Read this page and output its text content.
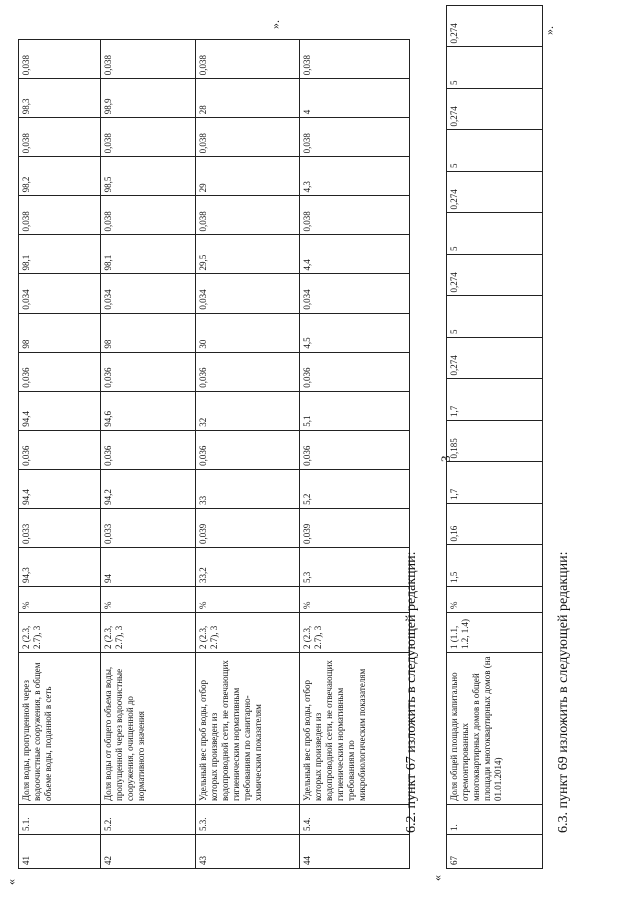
«
3
41	5.1.	Доля воды, пропущенной через водоочистные сооружения, в общем объеме воды, поданной в сеть	2 (2.3, 2.7), 3	%	94,3	0,033	94,4	0,036	94,4	0,036	98	0,034	98,1	0,038	98,2	0,038	98,3	0,038
42	5.2.	Доля воды от общего объема воды, пропущенной через водоочистные сооружения, очищенной до нормативного значения	2 (2.3, 2.7), 3	%	94	0,033	94,2	0,036	94,6	0,036	98	0,034	98,1	0,038	98,5	0,038	98,9	0,038
43	5.3.	Удельный вес проб воды, отбор которых произведен из водопроводной сети, не отвечающих гигиеническим нормативным требованиям по санитарно-химическим показателям	2 (2.3, 2.7), 3	%	33,2	0,039	33	0,036	32	0,036	30	0,034	29,5	0,038	29	0,038	28	0,038
44	5.4.	Удельный вес проб воды, отбор которых произведен из водопроводной сети, не отвечающих гигиеническим нормативным требованиям по микробиологическим показателям	2 (2.3, 2.7), 3	%	5,3	0,039	5,2	0,036	5,1	0,036	4,5	0,034	4,4	0,038	4,3	0,038	4	0,038
».
6.2. пункт 67 изложить в следующей редакции:
«
67	1.	Доля общей площади капитально отремонтированных многоквартирных домов в общей площади многоквартирных домов (на 01.01.2014)	1 (1.1, 1.2, 1.4)	%	1,5	0,16	1,7	0,185	1,7	0,274	5	0,274	5	0,274	5	0,274	5	0,274	».
6.3. пункт 69 изложить в следующей редакции:
